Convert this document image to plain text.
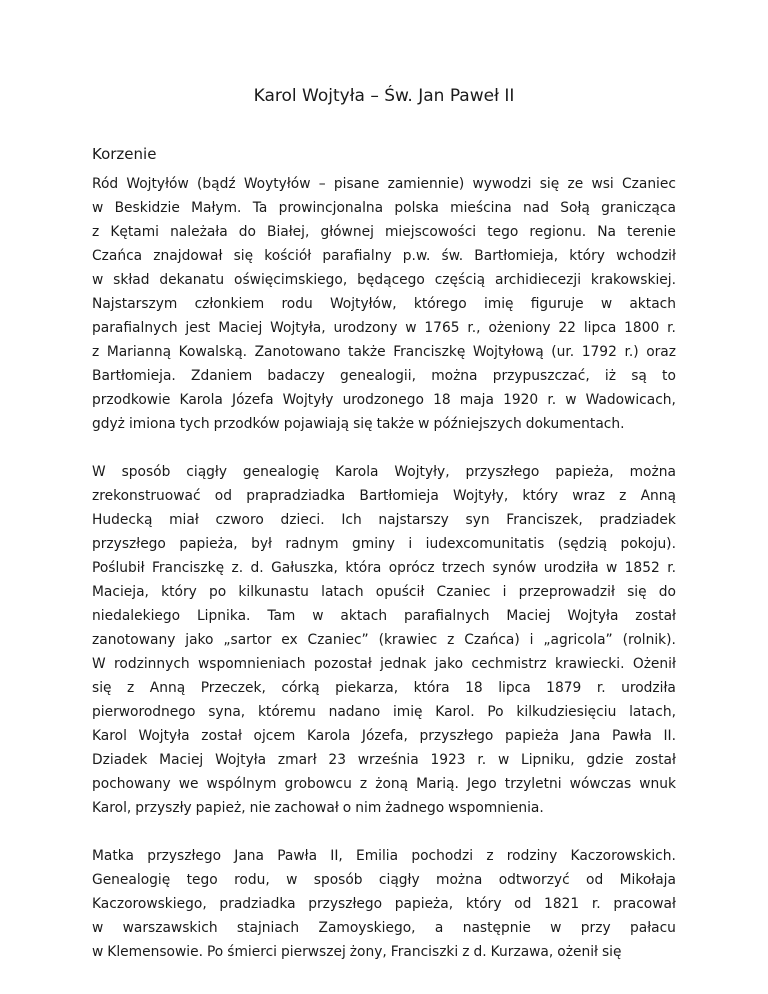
Karol Wojtyła – Św. Jan Paweł II
Korzenie
Ród Wojtyłów (bądź Woytyłów – pisane zamiennie) wywodzi się ze wsi Czaniec
w Beskidzie Małym. Ta prowincjonalna polska mieścina nad Sołą granicząca
z Kętami należała do Białej, głównej miejscowości tego regionu. Na terenie
Czańca znajdował się kościół parafialny p.w. św. Bartłomieja, który wchodził
w skład dekanatu oświęcimskiego, będącego częścią archidiecezji krakowskiej.
Najstarszym członkiem rodu Wojtyłów, którego imię figuruje w aktach
parafialnych jest Maciej Wojtyła, urodzony w 1765 r., ożeniony 22 lipca 1800 r.
z Marianną Kowalską. Zanotowano także Franciszkę Wojtyłową (ur. 1792 r.) oraz
Bartłomieja. Zdaniem badaczy genealogii, można przypuszczać, iż są to
przodkowie Karola Józefa Wojtyły urodzonego 18 maja 1920 r. w Wadowicach,
gdyż imiona tych przodków pojawiają się także w późniejszych dokumentach.
W sposób ciągły genealogię Karola Wojtyły, przyszłego papieża, można
zrekonstruować od prapradziadka Bartłomieja Wojtyły, który wraz z Anną
Hudecką miał czworo dzieci. Ich najstarszy syn Franciszek, pradziadek
przyszłego papieża, był radnym gminy i iudexcomunitatis (sędzią pokoju).
Poślubił Franciszkę z. d. Gałuszka, która oprócz trzech synów urodziła w 1852 r.
Macieja, który po kilkunastu latach opuścił Czaniec i przeprowadził się do
niedalekiego Lipnika. Tam w aktach parafialnych Maciej Wojtyła został
zanotowany jako „sartor ex Czaniec” (krawiec z Czańca) i „agricola” (rolnik).
W rodzinnych wspomnieniach pozostał jednak jako cechmistrz krawiecki. Ożenił
się z Anną Przeczek, córką piekarza, która 18 lipca 1879 r. urodziła
pierworodnego syna, któremu nadano imię Karol. Po kilkudziesięciu latach,
Karol Wojtyła został ojcem Karola Józefa, przyszłego papieża Jana Pawła II.
Dziadek Maciej Wojtyła zmarł 23 września 1923 r. w Lipniku, gdzie został
pochowany we wspólnym grobowcu z żoną Marią. Jego trzyletni wówczas wnuk
Karol, przyszły papież, nie zachował o nim żadnego wspomnienia.
Matka przyszłego Jana Pawła II, Emilia pochodzi z rodziny Kaczorowskich.
Genealogię tego rodu, w sposób ciągły można odtworzyć od Mikołaja
Kaczorowskiego, pradziadka przyszłego papieża, który od 1821 r. pracował
w warszawskich stajniach Zamoyskiego, a następnie w przy pałacu
w Klemensowie. Po śmierci pierwszej żony, Franciszki z d. Kurzawa, ożenił się
